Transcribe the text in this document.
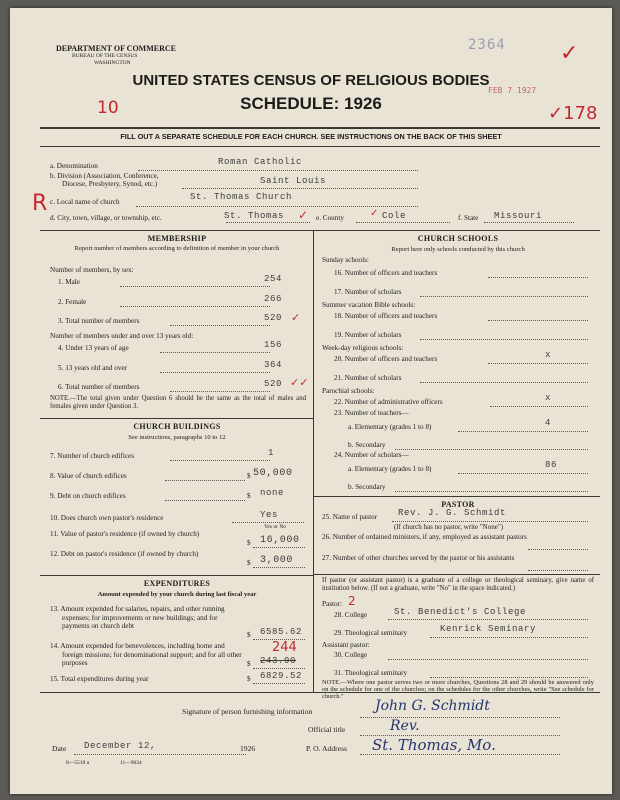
DEPARTMENT OF COMMERCE
BUREAU OF THE CENSUS
WASHINGTON
2364 ✓
FEB 7 1927
UNITED STATES CENSUS OF RELIGIOUS BODIES
SCHEDULE: 1926
10	✓178
FILL OUT A SEPARATE SCHEDULE FOR EACH CHURCH. SEE INSTRUCTIONS ON THE BACK OF THIS SHEET
a. Denomination	Roman Catholic
b. Division (Association, Conference,
Diocese, Presbytery, Synod, etc.)	Saint Louis
R c. Local name of church	St. Thomas Church
d. City, town, village, or township, etc.	St. Thomas ✓ e. County	Cole
✓	f. State Missouri
MEMBERSHIP
Report number of members according to definition of member in your church
Number of members, by sex:
1. Male	254
2. Female	266
3. Total number of members	520 ✓
Number of members under and over 13 years old:
4. Under 13 years of age	156
5. 13 years old and over	364
6. Total number of members	520 ✓✓
NOTE.—The total given under Question 6 should be the same as the total of males and females given under Question 3.
CHURCH BUILDINGS
See instructions, paragraphs 10 to 12
7. Number of church edifices	1
8. Value of church edifices	$ 50,000
9. Debt on church edifices	$ none
10. Does church own pastor's residence	Yes
Yes or No
11. Value of pastor's residence (if owned by church)
$ 16,000
12. Debt on pastor's residence (if owned by church)
$ 3,000
EXPENDITURES
Amount expended by your church during last fiscal year
13. Amount expended for salaries, repairs, and other running expenses; for improvements or new buildings; and for payments on church debt
$ 6585.62
14. Amount expended for benevolences, including home and foreign missions; for denominational support; and for all other purposes	$ 243.90
244
15. Total expenditures during year	$ 6829.52
CHURCH SCHOOLS
Report here only schools conducted by this church
Sunday schools:
16. Number of officers and teachers
17. Number of scholars
Summer vacation Bible schools:
18. Number of officers and teachers
19. Number of scholars
Week-day religious schools:
20. Number of officers and teachers	x
21. Number of scholars
Parochial schools:
22. Number of administrative officers	x
23. Number of teachers—
a. Elementary (grades 1 to 8)	4
b. Secondary
24. Number of scholars—
a. Elementary (grades 1 to 8)	86
b. Secondary
PASTOR
25. Name of pastor Rev. J. G. Schmidt
(If church has no pastor, write "None")
26. Number of ordained ministers, if any, employed as assistant pastors
27. Number of other churches served by the pastor or his assistants
If pastor (or assistant pastor) is a graduate of a college or theological seminary, give name of institution below. (If not a graduate, write "No" in the space indicated.)
Pastor: 2
28. College	St. Benedict's College
29. Theological seminary	Kenrick Seminary
Assistant pastor:
30. College
31. Theological seminary
NOTE.—Where one pastor serves two or more churches, Questions 28 and 29 should be answered only on the schedule for one of the churches; on the schedules for the other churches, write "See schedule for church."
Signature of person furnishing information	John G. Schmidt
Official title	Rev.
Date December 12,	1926	P. O. Address St. Thomas, Mo.
8—5518 a	11—9034
